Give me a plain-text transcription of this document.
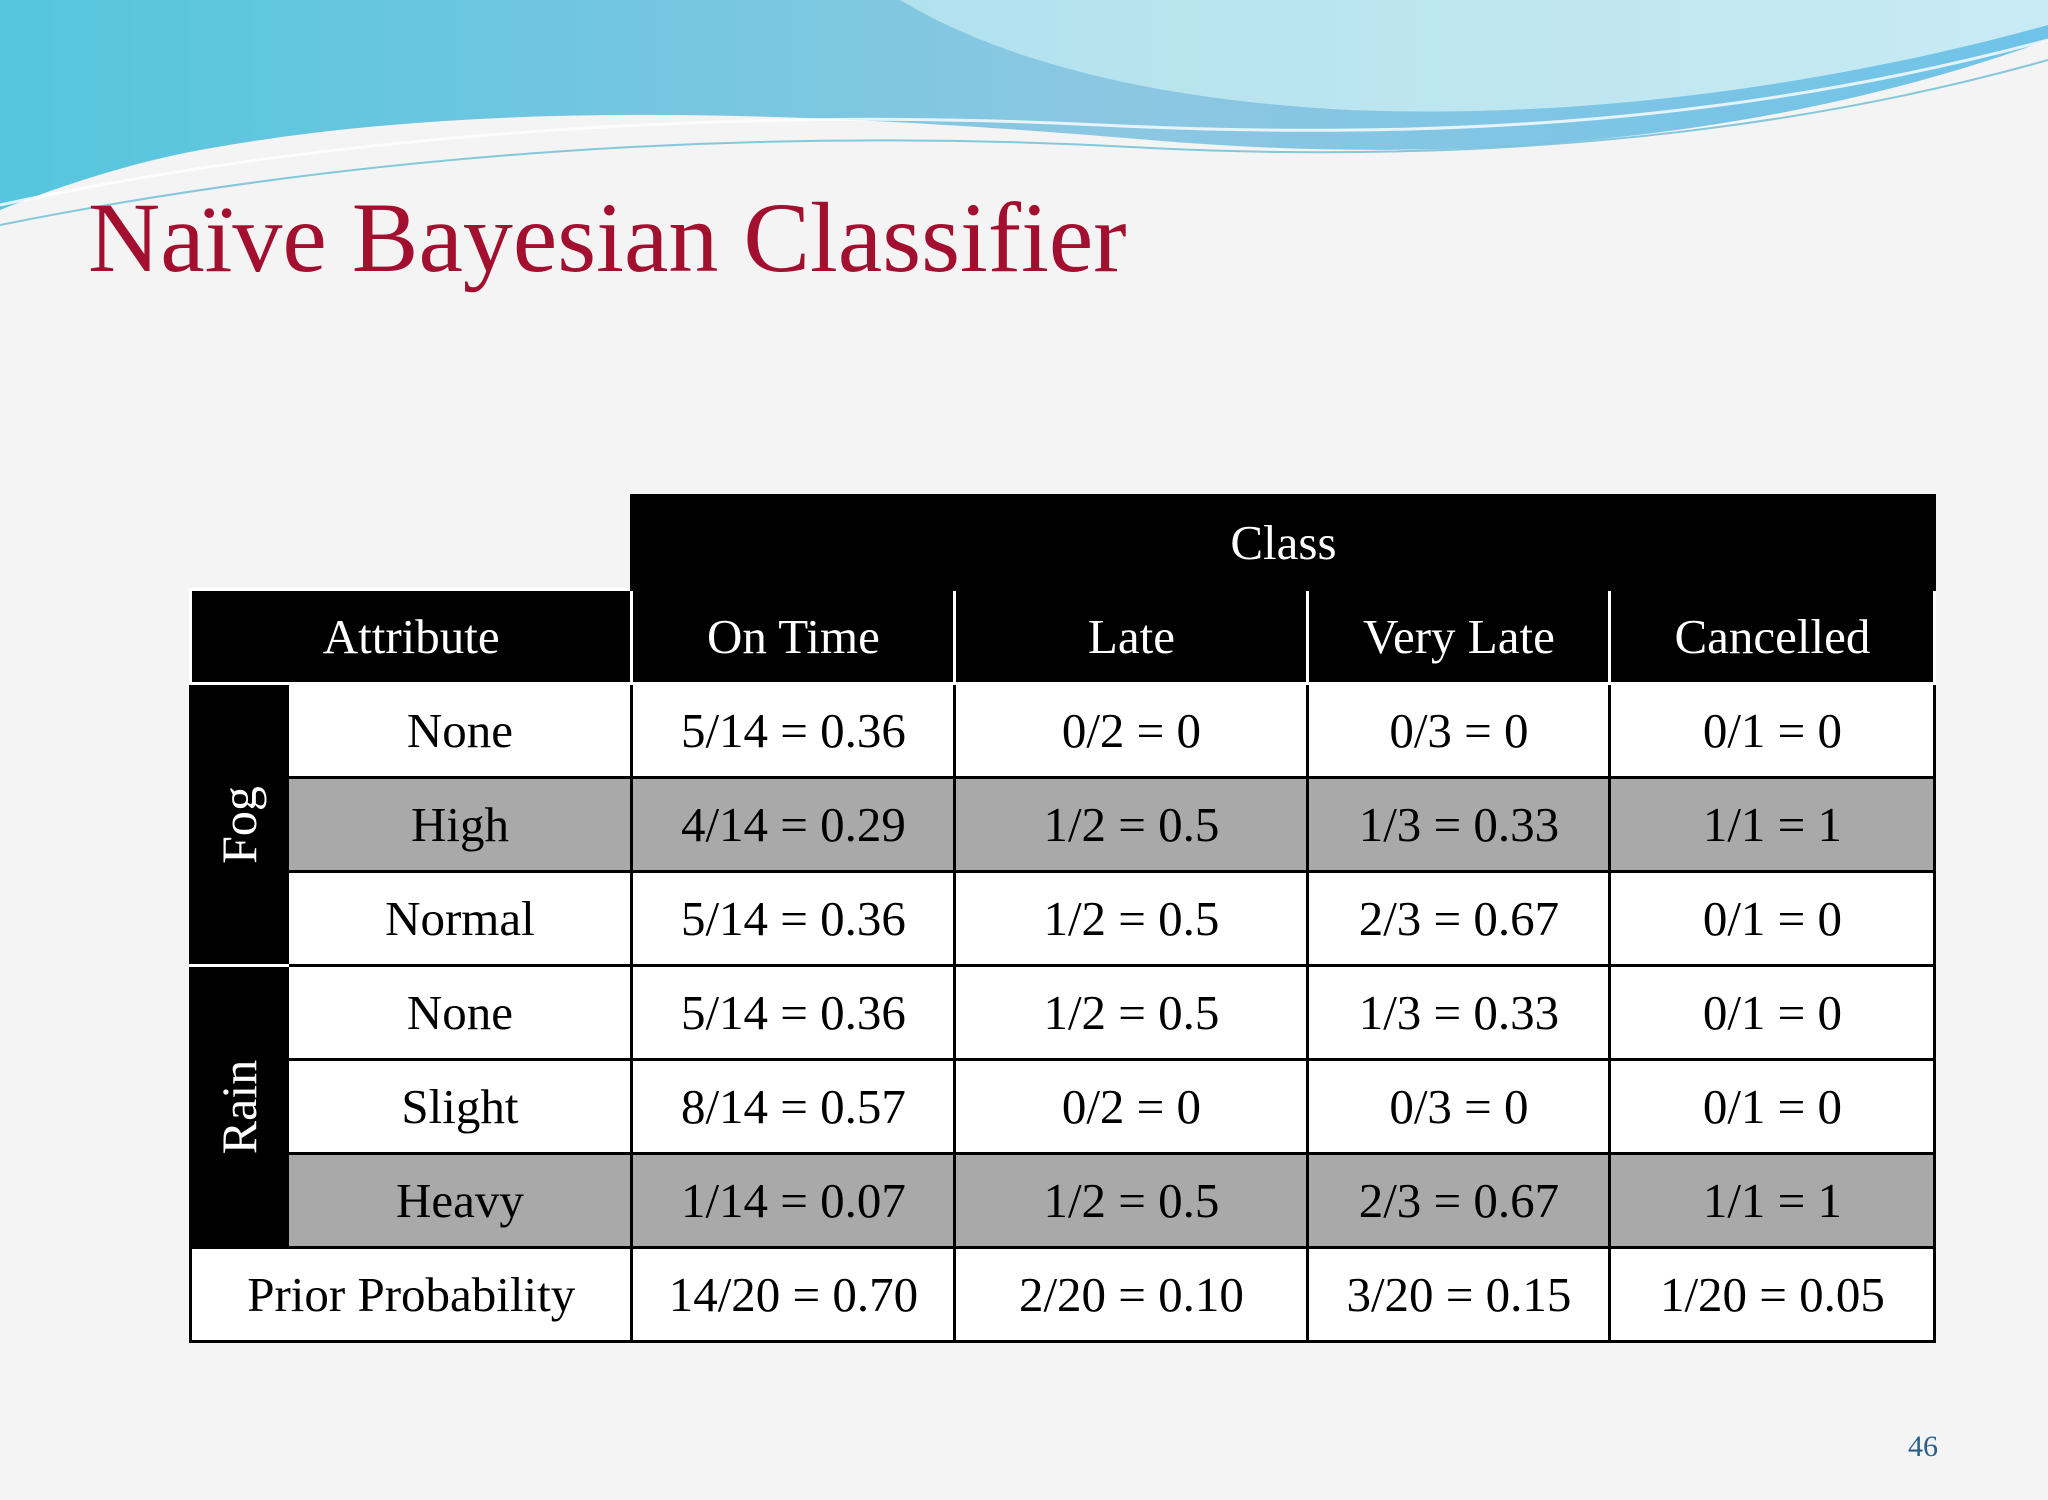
Naïve Bayesian Classifier
		Class			
Attribute		On Time	Late	Very Late	Cancelled
Fog	None	5/14 = 0.36	0/2 = 0	0/3 = 0	0/1 = 0
	High	4/14 = 0.29	1/2 = 0.5	1/3 = 0.33	1/1 = 1
	Normal	5/14 = 0.36	1/2 = 0.5	2/3 = 0.67	0/1 = 0
Rain	None	5/14 = 0.36	1/2 = 0.5	1/3 = 0.33	0/1 = 0
	Slight	8/14 = 0.57	0/2 = 0	0/3 = 0	0/1 = 0
	Heavy	1/14 = 0.07	1/2 = 0.5	2/3 = 0.67	1/1 = 1
Prior Probability		14/20 = 0.70	2/20 = 0.10	3/20 = 0.15	1/20 = 0.05
46
